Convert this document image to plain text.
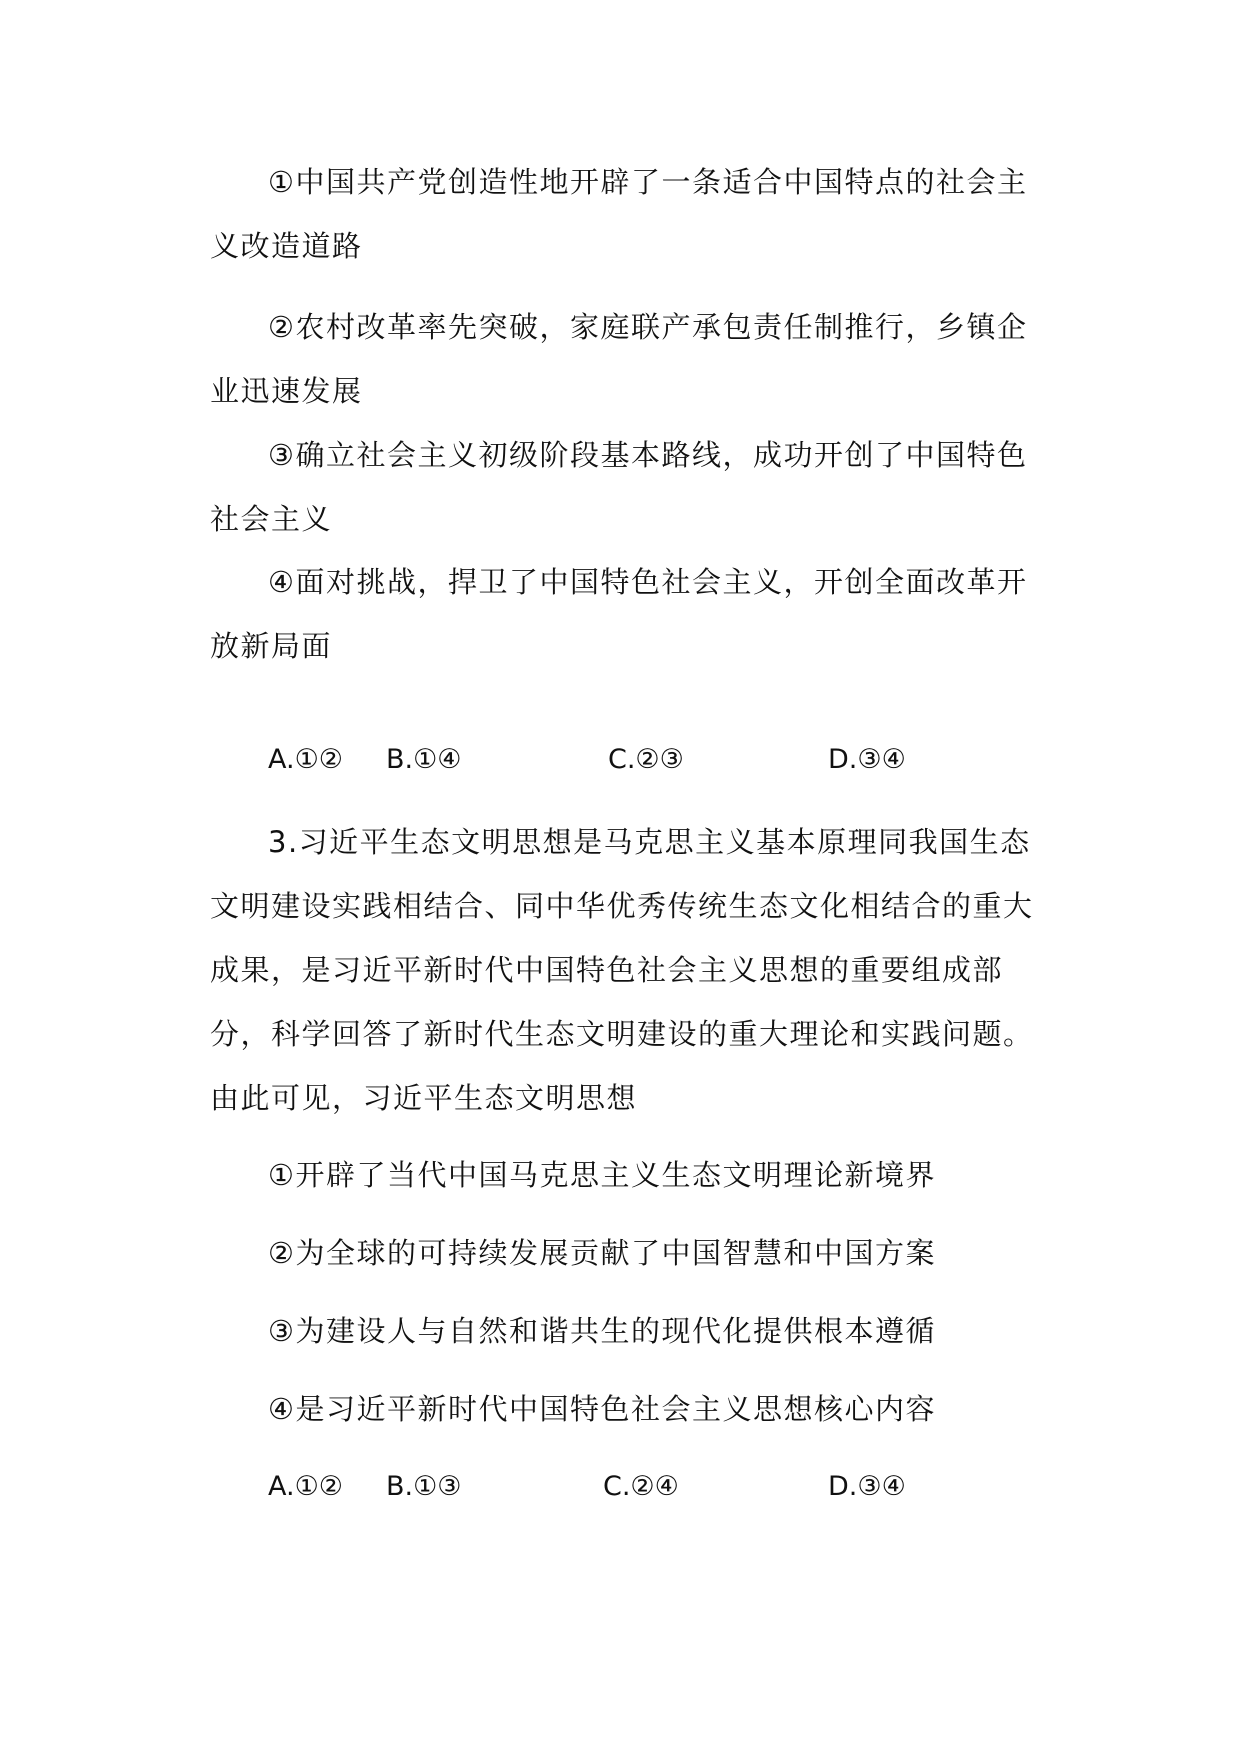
①中国共产党创造性地开辟了一条适合中国特点的社会主义改造道路

②农村改革率先突破，家庭联产承包责任制推行，乡镇企业迅速发展

③确立社会主义初级阶段基本路线，成功开创了中国特色社会主义

④面对挑战，捍卫了中国特色社会主义，开创全面改革开放新局面

A.①② B.①④	C.②③	D.③④

3.习近平生态文明思想是马克思主义基本原理同我国生态文明建设实践相结合、同中华优秀传统生态文化相结合的重大成果，是习近平新时代中国特色社会主义思想的重要组成部分，科学回答了新时代生态文明建设的重大理论和实践问题。由此可见，习近平生态文明思想

①开辟了当代中国马克思主义生态文明理论新境界

②为全球的可持续发展贡献了中国智慧和中国方案

③为建设人与自然和谐共生的现代化提供根本遵循

④是习近平新时代中国特色社会主义思想核心内容

A.①② B.①③	C.②④	D.③④
